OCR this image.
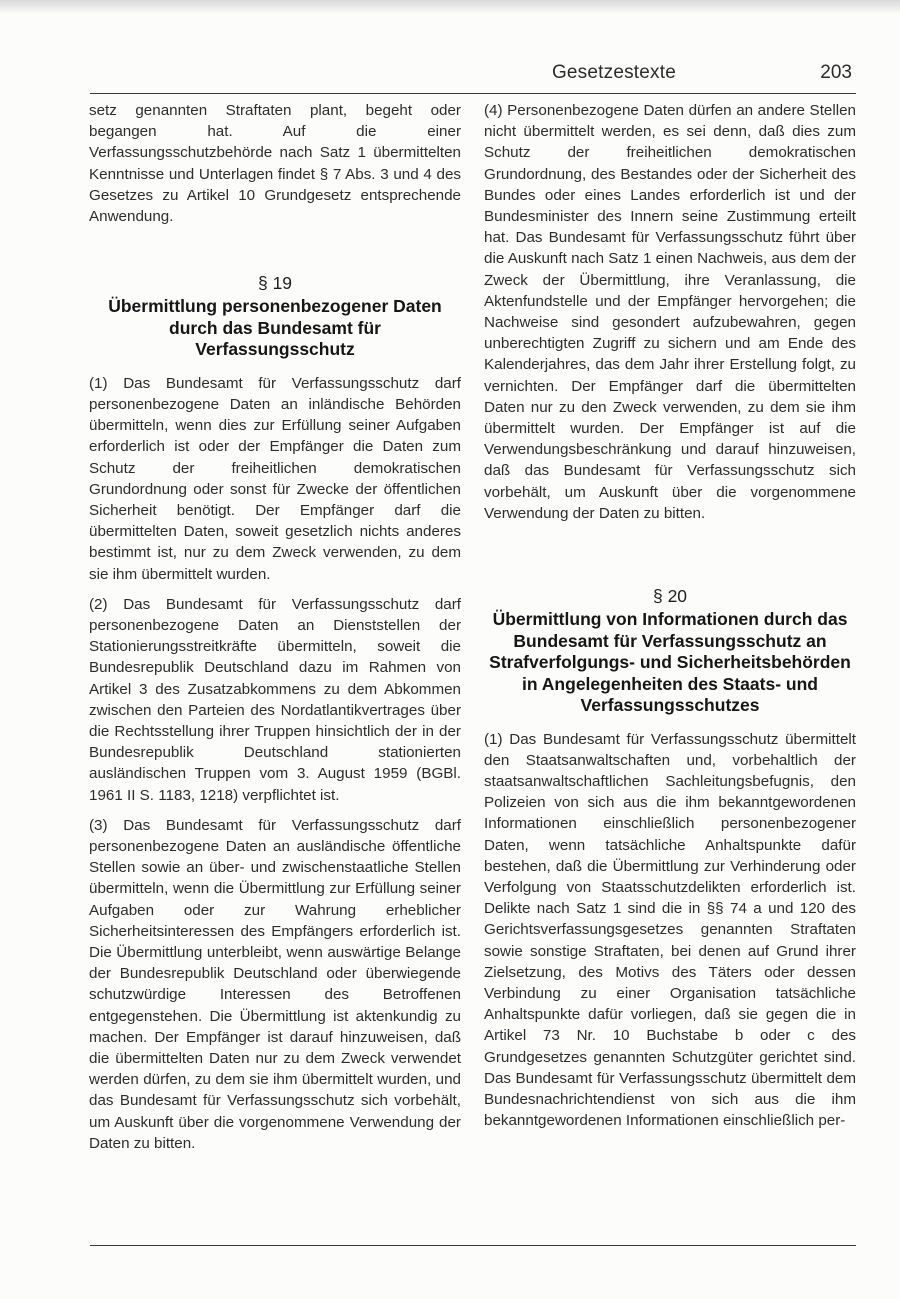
Gesetzestexte	203

setz genannten Straftaten plant, begeht oder begangen hat. Auf die einer Verfassungsschutzbehörde nach Satz 1 übermittelten Kenntnisse und Unterlagen findet § 7 Abs. 3 und 4 des Gesetzes zu Artikel 10 Grundgesetz entsprechende Anwendung.

§ 19
Übermittlung personenbezogener Daten durch das Bundesamt für Verfassungsschutz

(1) Das Bundesamt für Verfassungsschutz darf personenbezogene Daten an inländische Behörden übermitteln, wenn dies zur Erfüllung seiner Aufgaben erforderlich ist oder der Empfänger die Daten zum Schutz der freiheitlichen demokratischen Grundordnung oder sonst für Zwecke der öffentlichen Sicherheit benötigt. Der Empfänger darf die übermittelten Daten, soweit gesetzlich nichts anderes bestimmt ist, nur zu dem Zweck verwenden, zu dem sie ihm übermittelt wurden.

(2) Das Bundesamt für Verfassungsschutz darf personenbezogene Daten an Dienststellen der Stationierungsstreitkräfte übermitteln, soweit die Bundesrepublik Deutschland dazu im Rahmen von Artikel 3 des Zusatzabkommens zu dem Abkommen zwischen den Parteien des Nordatlantikvertrages über die Rechtsstellung ihrer Truppen hinsichtlich der in der Bundesrepublik Deutschland stationierten ausländischen Truppen vom 3. August 1959 (BGBl. 1961 II S. 1183, 1218) verpflichtet ist.

(3) Das Bundesamt für Verfassungsschutz darf personenbezogene Daten an ausländische öffentliche Stellen sowie an über- und zwischenstaatliche Stellen übermitteln, wenn die Übermittlung zur Erfüllung seiner Aufgaben oder zur Wahrung erheblicher Sicherheitsinteressen des Empfängers erforderlich ist. Die Übermittlung unterbleibt, wenn auswärtige Belange der Bundesrepublik Deutschland oder überwiegende schutzwürdige Interessen des Betroffenen entgegenstehen. Die Übermittlung ist aktenkundig zu machen. Der Empfänger ist darauf hinzuweisen, daß die übermittelten Daten nur zu dem Zweck verwendet werden dürfen, zu dem sie ihm übermittelt wurden, und das Bundesamt für Verfassungsschutz sich vorbehält, um Auskunft über die vorgenommene Verwendung der Daten zu bitten.

(4) Personenbezogene Daten dürfen an andere Stellen nicht übermittelt werden, es sei denn, daß dies zum Schutz der freiheitlichen demokratischen Grundordnung, des Bestandes oder der Sicherheit des Bundes oder eines Landes erforderlich ist und der Bundesminister des Innern seine Zustimmung erteilt hat. Das Bundesamt für Verfassungsschutz führt über die Auskunft nach Satz 1 einen Nachweis, aus dem der Zweck der Übermittlung, ihre Veranlassung, die Aktenfundstelle und der Empfänger hervorgehen; die Nachweise sind gesondert aufzubewahren, gegen unberechtigten Zugriff zu sichern und am Ende des Kalenderjahres, das dem Jahr ihrer Erstellung folgt, zu vernichten. Der Empfänger darf die übermittelten Daten nur zu den Zweck verwenden, zu dem sie ihm übermittelt wurden. Der Empfänger ist auf die Verwendungsbeschränkung und darauf hinzuweisen, daß das Bundesamt für Verfassungsschutz sich vorbehält, um Auskunft über die vorgenommene Verwendung der Daten zu bitten.

§ 20
Übermittlung von Informationen durch das Bundesamt für Verfassungsschutz an Strafverfolgungs- und Sicherheitsbehörden in Angelegenheiten des Staats- und Verfassungsschutzes

(1) Das Bundesamt für Verfassungsschutz übermittelt den Staatsanwaltschaften und, vorbehaltlich der staatsanwaltschaftlichen Sachleitungsbefugnis, den Polizeien von sich aus die ihm bekanntgewordenen Informationen einschließlich personenbezogener Daten, wenn tatsächliche Anhaltspunkte dafür bestehen, daß die Übermittlung zur Verhinderung oder Verfolgung von Staatsschutzdelikten erforderlich ist. Delikte nach Satz 1 sind die in §§ 74 a und 120 des Gerichtsverfassungsgesetzes genannten Straftaten sowie sonstige Straftaten, bei denen auf Grund ihrer Zielsetzung, des Motivs des Täters oder dessen Verbindung zu einer Organisation tatsächliche Anhaltspunkte dafür vorliegen, daß sie gegen die in Artikel 73 Nr. 10 Buchstabe b oder c des Grundgesetzes genannten Schutzgüter gerichtet sind. Das Bundesamt für Verfassungsschutz übermittelt dem Bundesnachrichtendienst von sich aus die ihm bekanntgewordenen Informationen einschließlich per-
